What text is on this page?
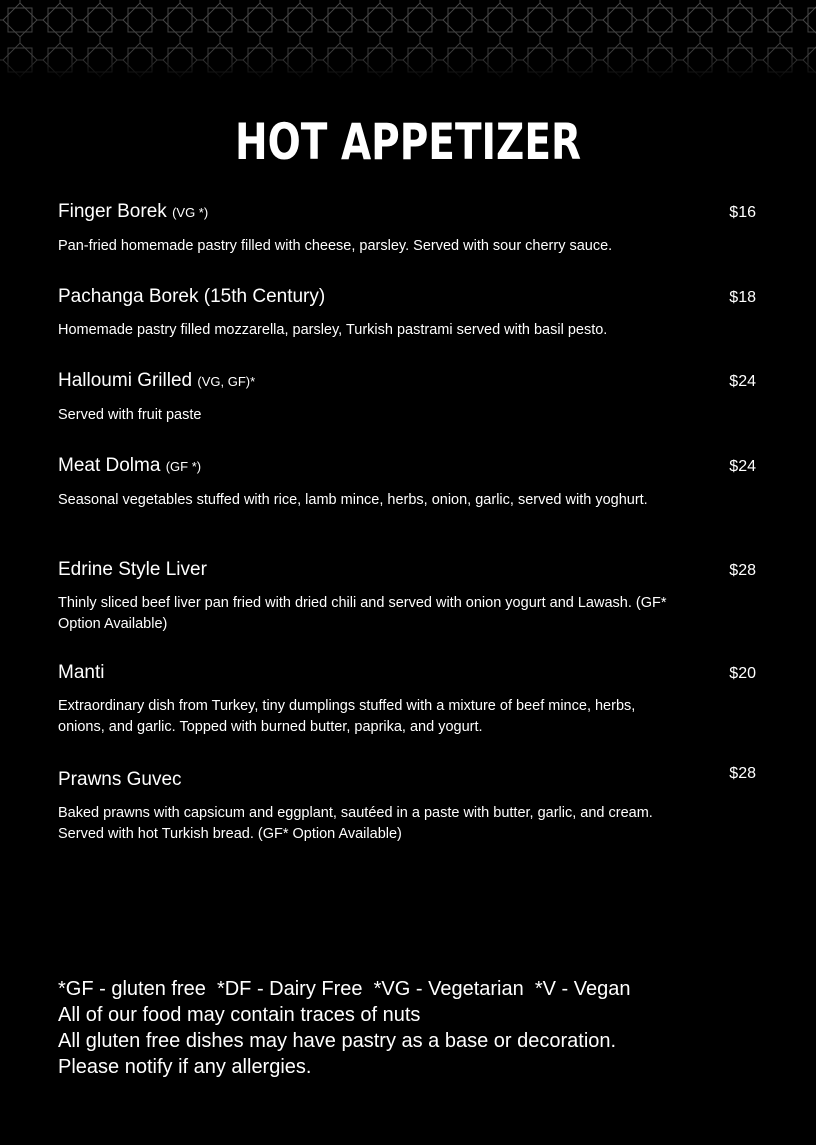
HOT APPETIZER
Finger Borek (VG *)	$16
Pan-fried homemade pastry filled with cheese, parsley. Served with sour cherry sauce.
Pachanga Borek (15th Century)	$18
Homemade pastry filled mozzarella, parsley, Turkish pastrami served with basil pesto.
Halloumi Grilled (VG, GF)*	$24
Served with fruit paste
Meat Dolma (GF *)	$24
Seasonal vegetables stuffed with rice, lamb mince, herbs, onion, garlic, served with yoghurt.
Edrine Style Liver	$28
Thinly sliced beef liver pan fried with dried chili and served with onion yogurt and Lawash. (GF* Option Available)
Manti	$20
Extraordinary dish from Turkey, tiny dumplings stuffed with a mixture of beef mince, herbs, onions, and garlic. Topped with burned butter, paprika, and yogurt.
Prawns Guvec	$28
Baked prawns with capsicum and eggplant, sautéed in a paste with butter, garlic, and cream. Served with hot Turkish bread. (GF* Option Available)
*GF - gluten free  *DF - Dairy Free  *VG - Vegetarian  *V - Vegan
All of our food may contain traces of nuts
All gluten free dishes may have pastry as a base or decoration.
Please notify if any allergies.
